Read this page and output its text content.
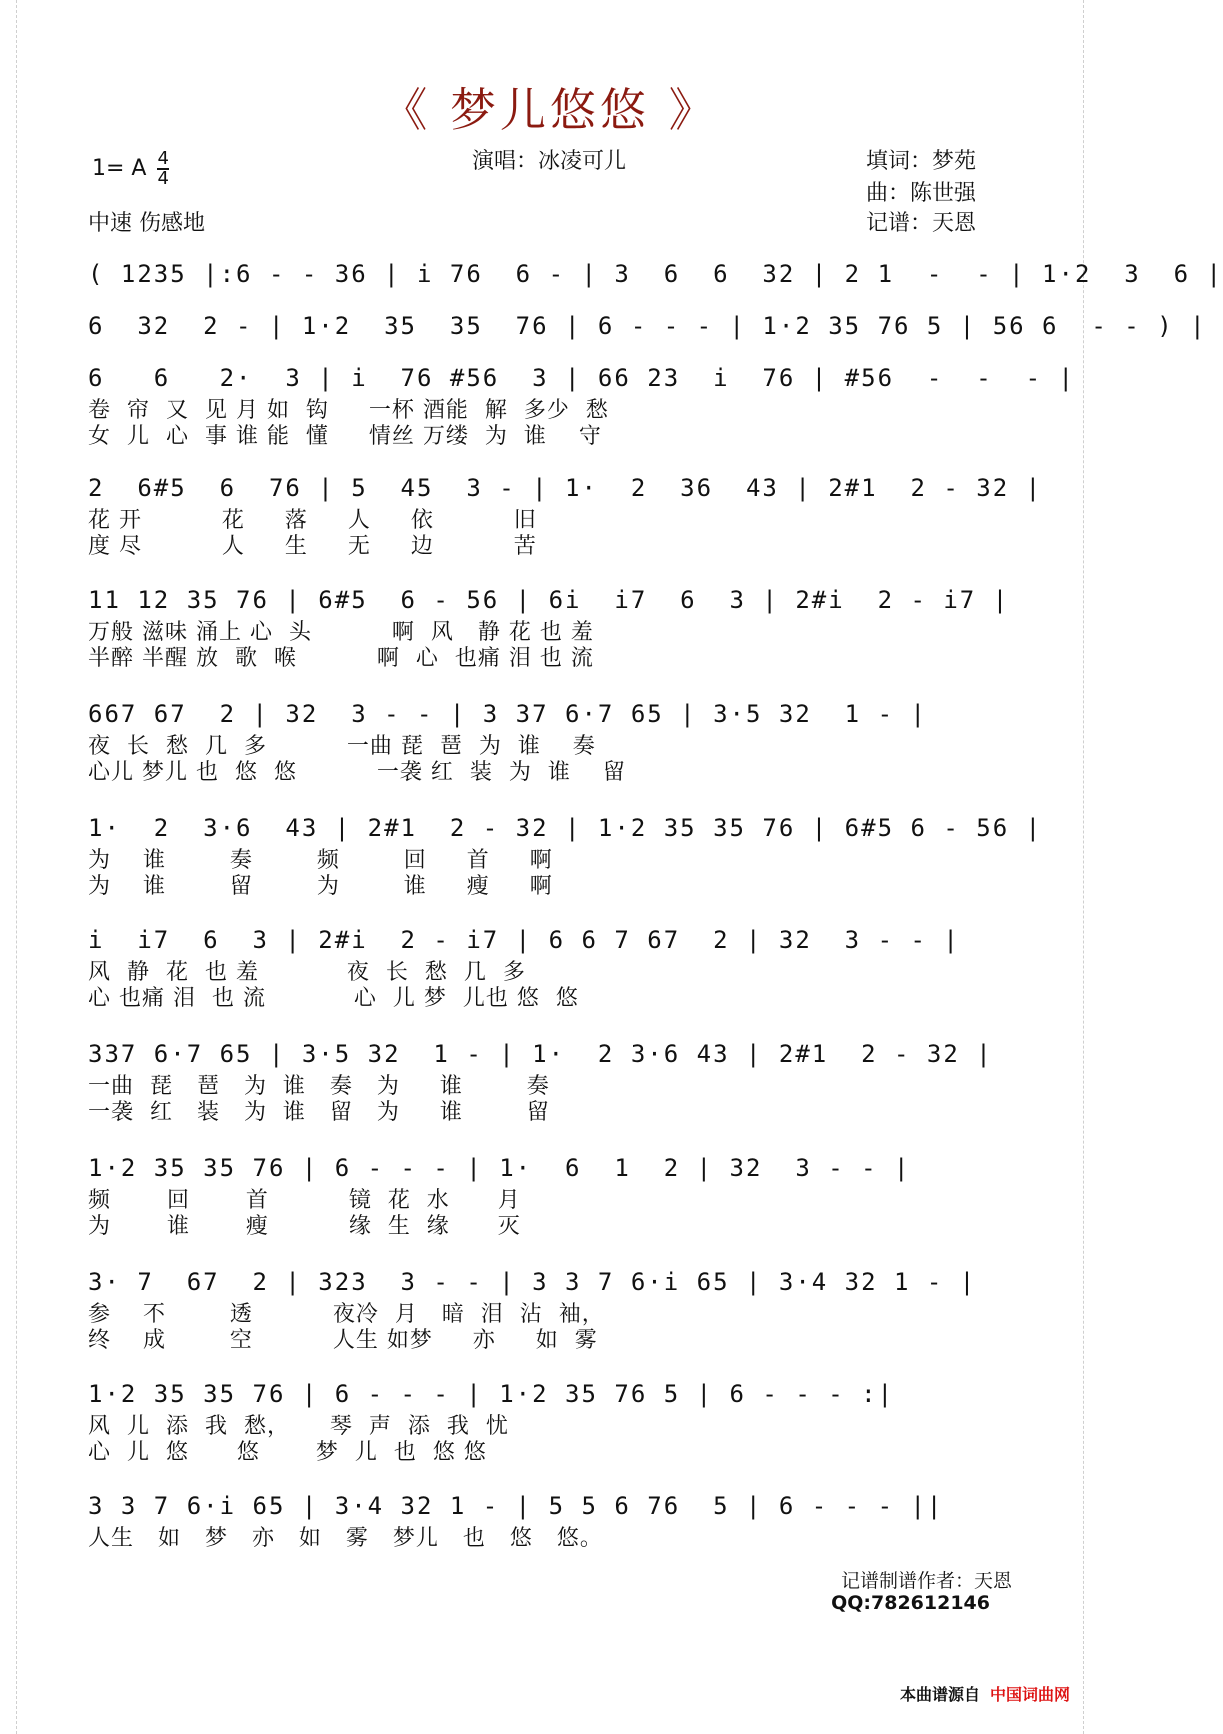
《 梦儿悠悠 》
1= A $\frac{4}{4}$
中速 伤感地
演唱：冰凌可儿	填词：梦苑
曲：陈世强
记谱：天恩
( 1235 |:6 - - 36 | i 76  6 - | 3  6  6  32 | 2 1  -  - | 1·2  3  6 |
6  32  2 - | 1·2  35  35  76 | 6 - - - | 1·2 35 76 5 | 56 6  - - ) |
6   6   2·  3 | i  76 #56  3 | 66 23  i  76 | #56  -  -  - |
卷  帘  又  见 月 如  钩     一杯 酒能  解  多少  愁
女  儿  心  事 谁 能  懂     情丝 万缕  为  谁    守
2  6#5  6  76 | 5  45  3 - | 1·  2  36  43 | 2#1  2 - 32 |
花 开          花     落     人     依          旧
度 尽          人     生     无     边          苦
11 12 35 76 | 6#5  6 - 56 | 6i  i7  6  3 | 2#i  2 - i7 |
万般 滋味 涌上 心  头          啊  风   静 花 也 羞
半醉 半醒 放  歌  喉          啊  心  也痛 泪 也 流
667 67  2 | 32  3 - - | 3 37 6·7 65 | 3·5 32  1 - |
夜  长  愁  几  多          一曲 琵  琶  为  谁    奏
心儿 梦儿 也  悠  悠          一袭 红  装  为  谁    留
1·  2  3·6  43 | 2#1  2 - 32 | 1·2 35 35 76 | 6#5 6 - 56 |
为    谁        奏        频        回     首     啊
为    谁        留        为        谁     瘦     啊
i  i7  6  3 | 2#i  2 - i7 | 6 6 7 67  2 | 32  3 - - |
风  静  花  也 羞           夜  长  愁  几  多
心 也痛 泪  也 流           心  儿 梦  儿也 悠  悠
337 6·7 65 | 3·5 32  1 - | 1·  2 3·6 43 | 2#1  2 - 32 |
一曲  琵   琶   为  谁   奏   为     谁        奏
一袭  红   装   为  谁   留   为     谁        留
1·2 35 35 76 | 6 - - - | 1·  6  1  2 | 32  3 - - |
频       回       首          镜  花  水      月
为       谁       瘦          缘  生  缘      灭
3· 7  67  2 | 323  3 - - | 3 3 7 6·i 65 | 3·4 32 1 - |
参    不        透          夜冷  月   暗  泪  沾  袖，
终    成        空          人生 如梦     亦     如  雾
1·2 35 35 76 | 6 - - - | 1·2 35 76 5 | 6 - - - :|
风  儿  添  我  愁，     琴  声  添  我  忧
心  儿  悠      悠       梦  儿  也  悠 悠
3 3 7 6·i 65 | 3·4 32 1 - | 5 5 6 76  5 | 6 - - - ||
人生   如   梦   亦   如   雾   梦儿   也   悠   悠。
记谱制谱作者：天恩
QQ:782612146
本曲谱源自 中国词曲网
